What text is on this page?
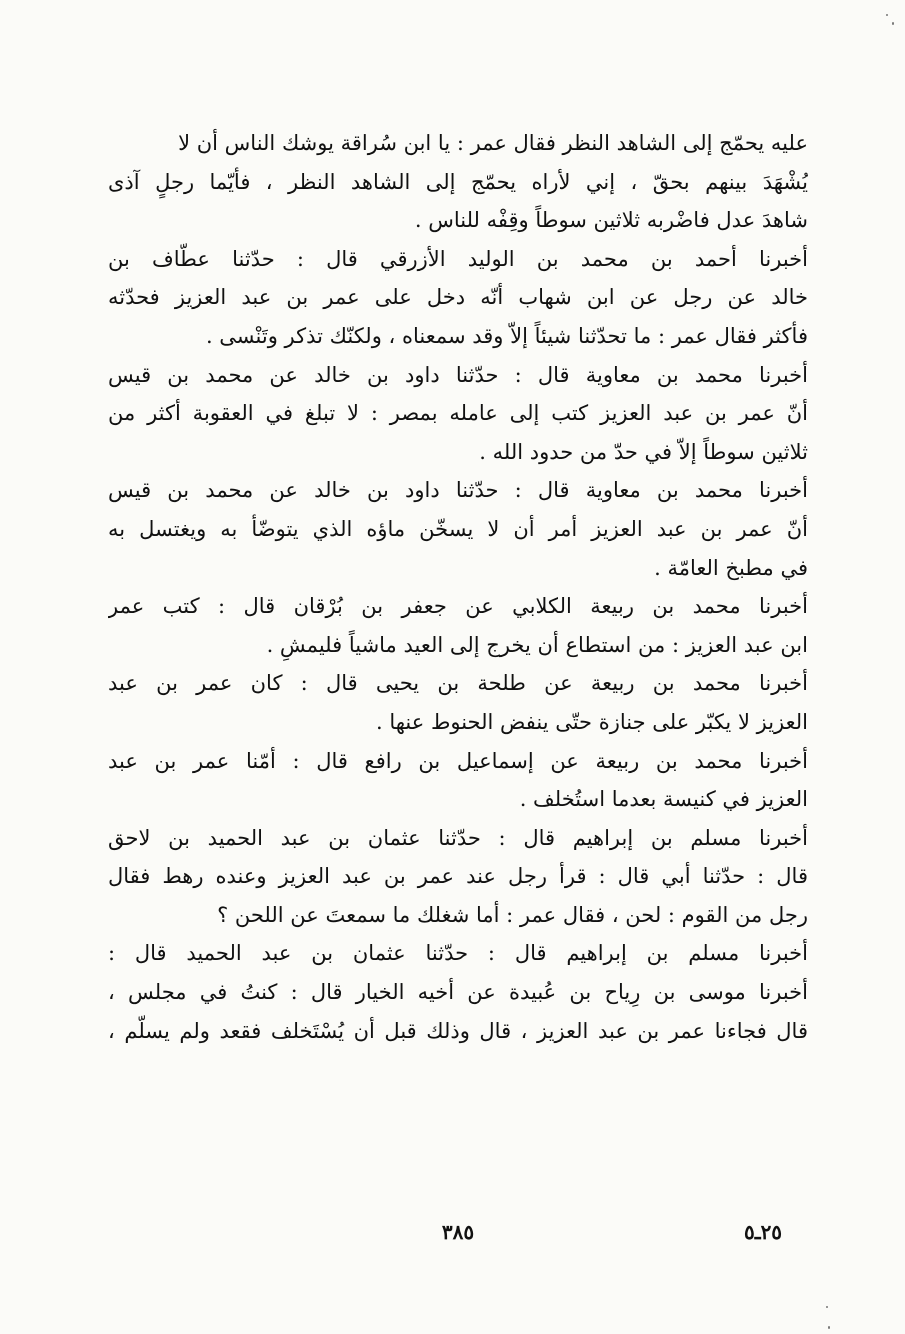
عليه يحمّج إلى الشاهد النظر فقال عمر : يا ابن سُراقة يوشك الناس أن لا
يُشْهَدَ بينهم بحقّ ، إني لأراه يحمّج إلى الشاهد النظر ، فأيّما رجلٍ آذى
شاهدَ عدل فاضْربه ثلاثين سوطاً وقِفْه للناس .
أخبرنا أحمد بن محمد بن الوليد الأزرقي قال : حدّثنا عطّاف بن
خالد عن رجل عن ابن شهاب أنّه دخل على عمر بن عبد العزيز فحدّثه
فأكثر فقال عمر : ما تحدّثنا شيئاً إلاّ وقد سمعناه ، ولكنّك تذكر وتَنْسى .
أخبرنا محمد بن معاوية قال : حدّثنا داود بن خالد عن محمد بن قيس
أنّ عمر بن عبد العزيز كتب إلى عامله بمصر : لا تبلغ في العقوبة أكثر من
ثلاثين سوطاً إلاّ في حدّ من حدود الله .
أخبرنا محمد بن معاوية قال : حدّثنا داود بن خالد عن محمد بن قيس
أنّ عمر بن عبد العزيز أمر أن لا يسخّن ماؤه الذي يتوضّأ به ويغتسل به
في مطبخ العامّة .
أخبرنا محمد بن ربيعة الكلابي عن جعفر بن بُرْقان قال : كتب عمر
ابن عبد العزيز : من استطاع أن يخرج إلى العيد ماشياً فليمشِ .
أخبرنا محمد بن ربيعة عن طلحة بن يحيى قال : كان عمر بن عبد
العزيز لا يكبّر على جنازة حتّى ينفض الحنوط عنها .
أخبرنا محمد بن ربيعة عن إسماعيل بن رافع قال : أمّنا عمر بن عبد
العزيز في كنيسة بعدما استُخلف .
أخبرنا مسلم بن إبراهيم قال : حدّثنا عثمان بن عبد الحميد بن لاحق
قال : حدّثنا أبي قال : قرأ رجل عند عمر بن عبد العزيز وعنده رهط فقال
رجل من القوم : لحن ، فقال عمر : أما شغلك ما سمعتَ عن اللحن ؟
أخبرنا مسلم بن إبراهيم قال : حدّثنا عثمان بن عبد الحميد قال :
أخبرنا موسى بن رِياح بن عُبيدة عن أخيه الخيار قال : كنتُ في مجلس ،
قال فجاءنا عمر بن عبد العزيز ، قال وذلك قبل أن يُسْتَخلف فقعد ولم يسلّم ،
٣٨٥	٢٥ـ٥
